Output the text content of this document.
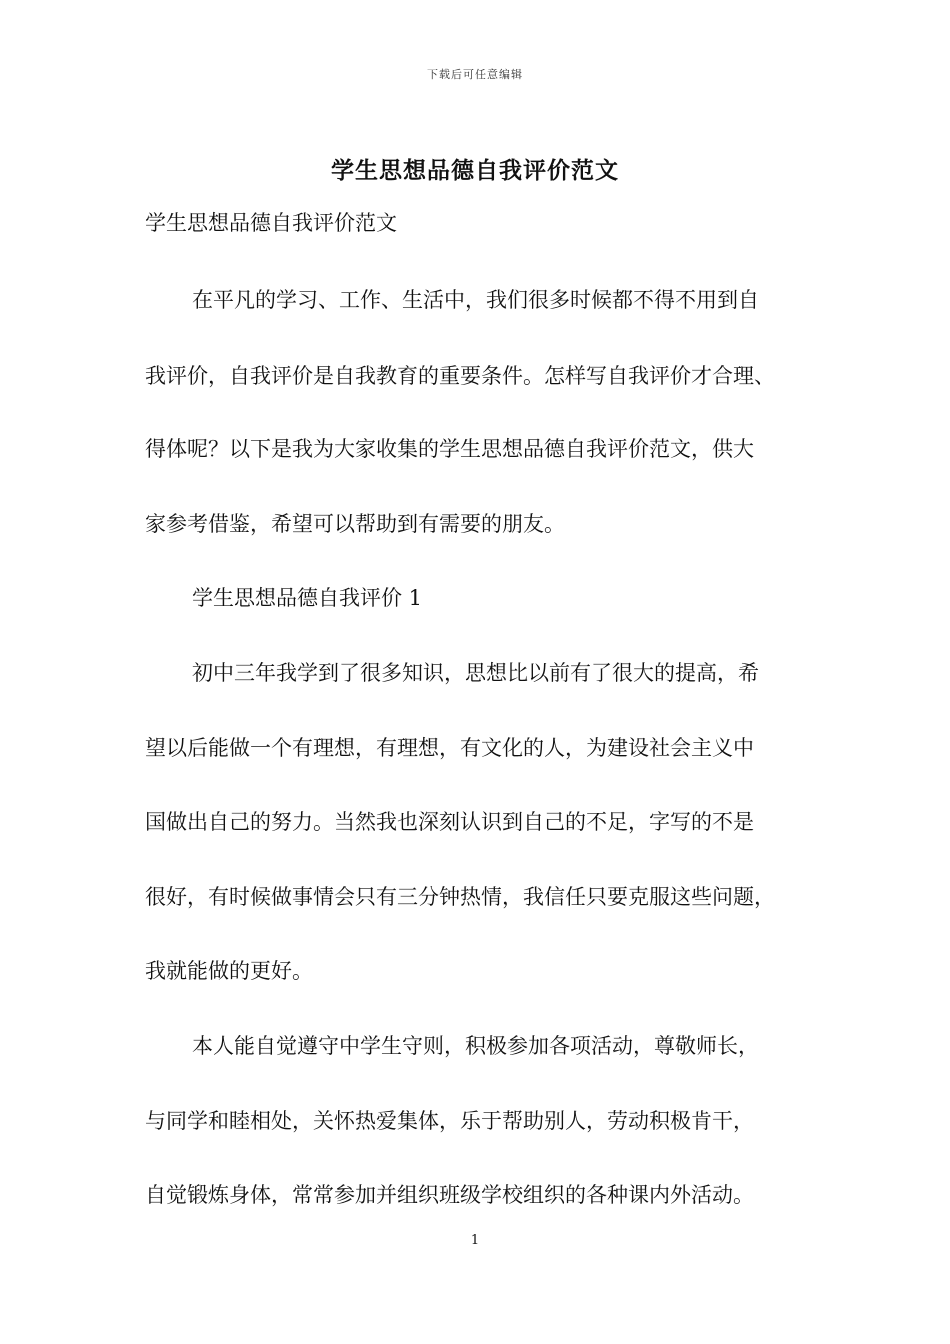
下载后可任意编辑
学生思想品德自我评价范文

学生思想品德自我评价范文

在平凡的学习、工作、生活中，我们很多时候都不得不用到自

我评价，自我评价是自我教育的重要条件。怎样写自我评价才合理、

得体呢？以下是我为大家收集的学生思想品德自我评价范文，供大

家参考借鉴，希望可以帮助到有需要的朋友。

学生思想品德自我评价 1

初中三年我学到了很多知识，思想比以前有了很大的提高，希

望以后能做一个有理想，有理想，有文化的人，为建设社会主义中

国做出自己的努力。当然我也深刻认识到自己的不足，字写的不是

很好，有时候做事情会只有三分钟热情，我信任只要克服这些问题，

我就能做的更好。

本人能自觉遵守中学生守则，积极参加各项活动，尊敬师长，

与同学和睦相处，关怀热爱集体，乐于帮助别人，劳动积极肯干，

自觉锻炼身体，常常参加并组织班级学校组织的各种课内外活动。

1
